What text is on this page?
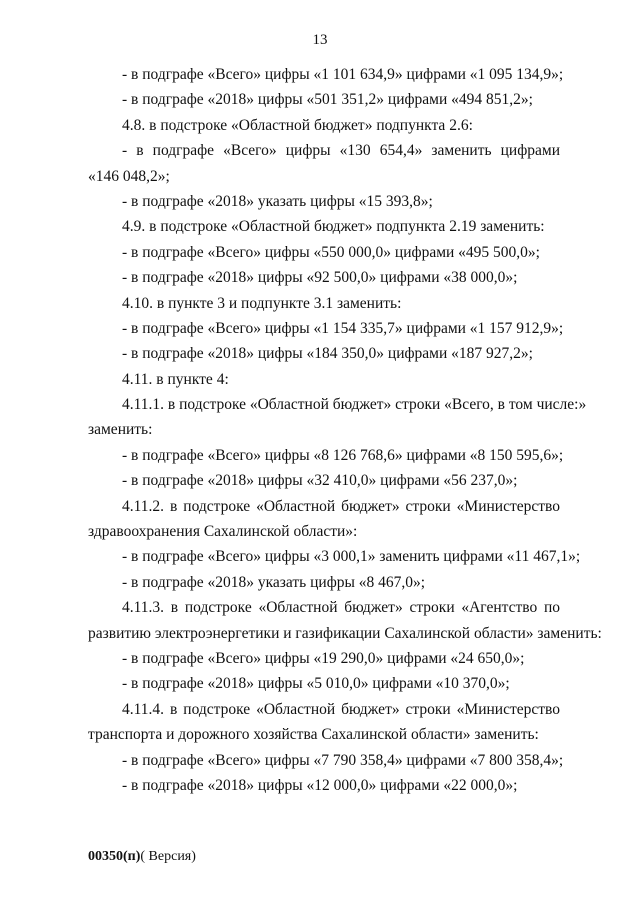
13
- в подграфе «Всего» цифры «1 101 634,9» цифрами «1 095 134,9»;
- в подграфе «2018» цифры «501 351,2» цифрами «494 851,2»;
4.8. в подстроке «Областной бюджет» подпункта 2.6:
- в подграфе «Всего» цифры «130 654,4» заменить цифрами
«146 048,2»;
- в подграфе «2018» указать цифры «15 393,8»;
4.9. в подстроке «Областной бюджет» подпункта 2.19 заменить:
- в подграфе «Всего» цифры «550 000,0» цифрами «495 500,0»;
- в подграфе «2018» цифры «92 500,0» цифрами «38 000,0»;
4.10. в пункте 3 и подпункте 3.1 заменить:
- в подграфе «Всего» цифры «1 154 335,7» цифрами «1 157 912,9»;
- в подграфе «2018» цифры «184 350,0» цифрами «187 927,2»;
4.11. в пункте 4:
4.11.1. в подстроке «Областной бюджет» строки «Всего, в том числе:»
заменить:
- в подграфе «Всего» цифры «8 126 768,6» цифрами «8 150 595,6»;
- в подграфе «2018» цифры «32 410,0» цифрами «56 237,0»;
4.11.2. в подстроке «Областной бюджет» строки «Министерство
здравоохранения Сахалинской области»:
- в подграфе «Всего» цифры «3 000,1» заменить цифрами «11 467,1»;
- в подграфе «2018» указать цифры «8 467,0»;
4.11.3. в подстроке «Областной бюджет» строки «Агентство по
развитию электроэнергетики и газификации Сахалинской области» заменить:
- в подграфе «Всего» цифры «19 290,0» цифрами «24 650,0»;
- в подграфе «2018» цифры «5 010,0» цифрами «10 370,0»;
4.11.4. в подстроке «Областной бюджет» строки «Министерство
транспорта и дорожного хозяйства Сахалинской области» заменить:
- в подграфе «Всего» цифры «7 790 358,4» цифрами «7 800 358,4»;
- в подграфе «2018» цифры «12 000,0» цифрами «22 000,0»;
00350(п)( Версия)
